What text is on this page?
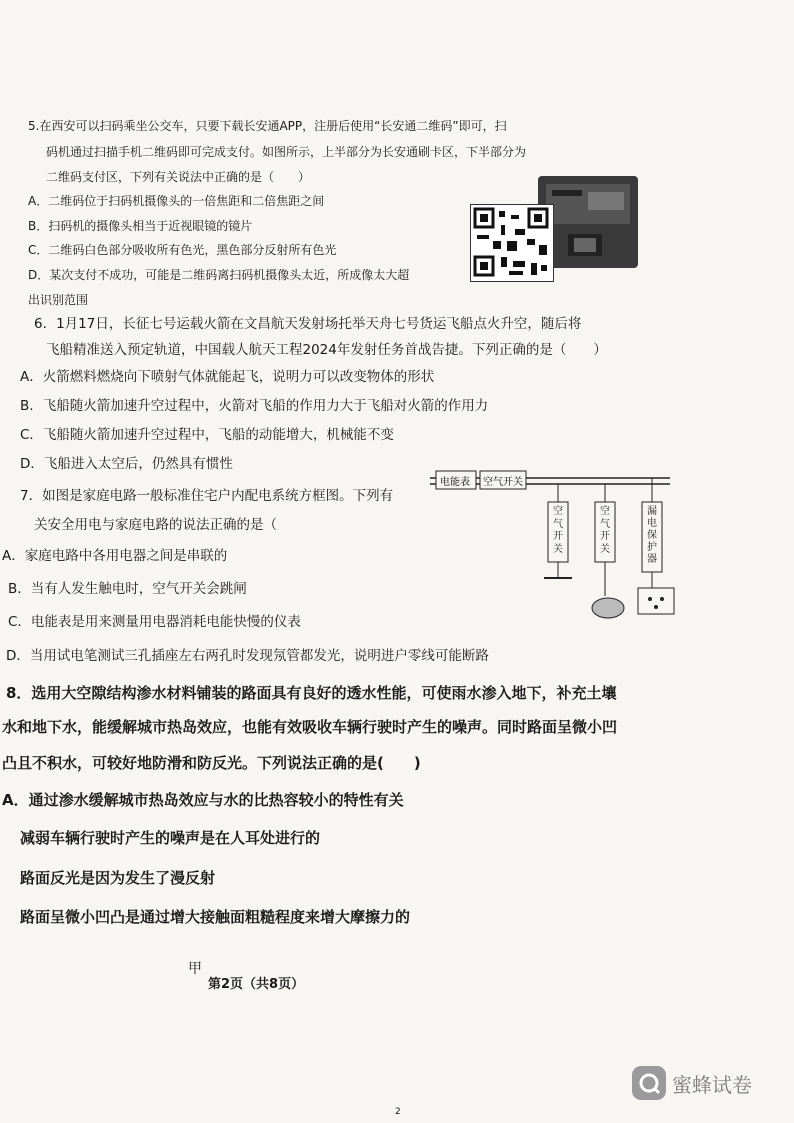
5.在西安可以扫码乘坐公交车，只要下载长安通APP，注册后使用“长安通二维码”即可，扫
码机通过扫描手机二维码即可完成支付。如图所示，上半部分为长安通刷卡区，下半部分为
二维码支付区，下列有关说法中正确的是（　　）
A．二维码位于扫码机摄像头的一倍焦距和二倍焦距之间
B．扫码机的摄像头相当于近视眼镜的镜片
C．二维码白色部分吸收所有色光，黑色部分反射所有色光
D．某次支付不成功，可能是二维码离扫码机摄像头太近，所成像太大超
出识别范围
6．1月17日，长征七号运载火箭在文昌航天发射场托举天舟七号货运飞船点火升空，随后将
飞船精准送入预定轨道，中国载人航天工程2024年发射任务首战告捷。下列正确的是（　　）
A．火箭燃料燃烧向下喷射气体就能起飞，说明力可以改变物体的形状
B．飞船随火箭加速升空过程中，火箭对飞船的作用力大于飞船对火箭的作用力
C．飞船随火箭加速升空过程中，飞船的动能增大，机械能不变
D．飞船进入太空后，仍然具有惯性
7．如图是家庭电路一般标准住宅户内配电系统方框图。下列有
关安全用电与家庭电路的说法正确的是（
A．家庭电路中各用电器之间是串联的
B．当有人发生触电时，空气开关会跳闸
C．电能表是用来测量用电器消耗电能快慢的仪表
D．当用试电笔测试三孔插座左右两孔时发现氖管都发光，说明进户零线可能断路
电能表 空气开关
空气开关
空气开关
漏电保护器
8．选用大空隙结构渗水材料铺装的路面具有良好的透水性能，可使雨水渗入地下，补充土壤
水和地下水，能缓解城市热岛效应，也能有效吸收车辆行驶时产生的噪声。同时路面呈微小凹
凸且不积水，可较好地防滑和防反光。下列说法正确的是(　　)
A．通过渗水缓解城市热岛效应与水的比热容较小的特性有关
减弱车辆行驶时产生的噪声是在人耳处进行的
路面反光是因为发生了漫反射
路面呈微小凹凸是通过增大接触面粗糙程度来增大摩擦力的
甲
第2页（共8页）
2
蜜蜂试卷
